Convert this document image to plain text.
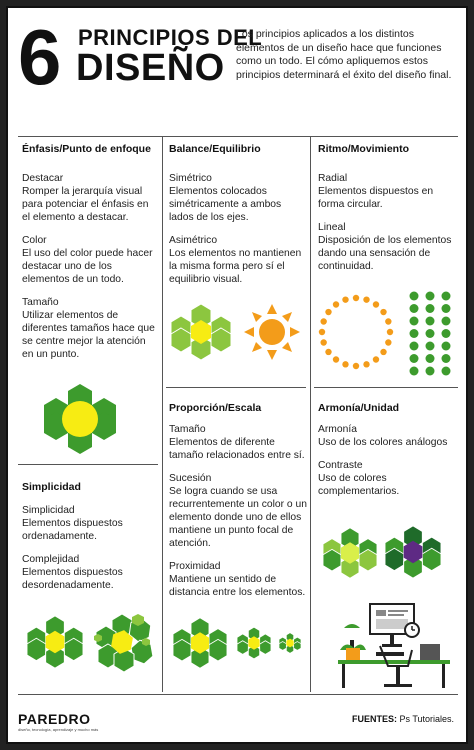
6 PRINCIPIOS DEL
DISEÑO
Los principios aplicados a los distintos elementos de un diseño hace que funciones como un todo. El cómo apliquemos estos principios determinará el éxito del diseño final.
Énfasis/Punto de enfoque

Destacar

Romper la jerarquía visual para potenciar el énfasis en el elemento a destacar.

Color

El uso del color puede hacer destacar uno de los elementos de un todo.

Tamaño

Utilizar elementos de diferentes tamaños hace que se centre mejor la atención en un punto.

Balance/Equilibrio

Simétrico

Elementos colocados simétricamente a ambos lados de los ejes.

Asimétrico

Los elementos no mantienen la misma forma pero sí el equilibrio visual.

Ritmo/Movimiento

Radial

Elementos dispuestos en forma circular.

Lineal

Disposición de los elementos dando una sensación de continuidad.

Proporción/Escala

Tamaño

Elementos de diferente tamaño relacionados entre sí.

Sucesión

Se logra cuando se usa recurrentemente un color o un elemento donde uno de ellos mantiene un punto focal de atención.

Proximidad

Mantiene un sentido de distancia entre los elementos.

Armonía/Unidad

Armonía

Uso de los colores análogos

Contraste

Uso de colores complementarios.

Simplicidad

Simplicidad

Elementos dispuestos ordenadamente.

Complejidad

Elementos dispuestos desordenadamente.

PAREDRO
diseño, tecnología, aprendizaje y mucho más
FUENTES: Ps Tutoriales.
